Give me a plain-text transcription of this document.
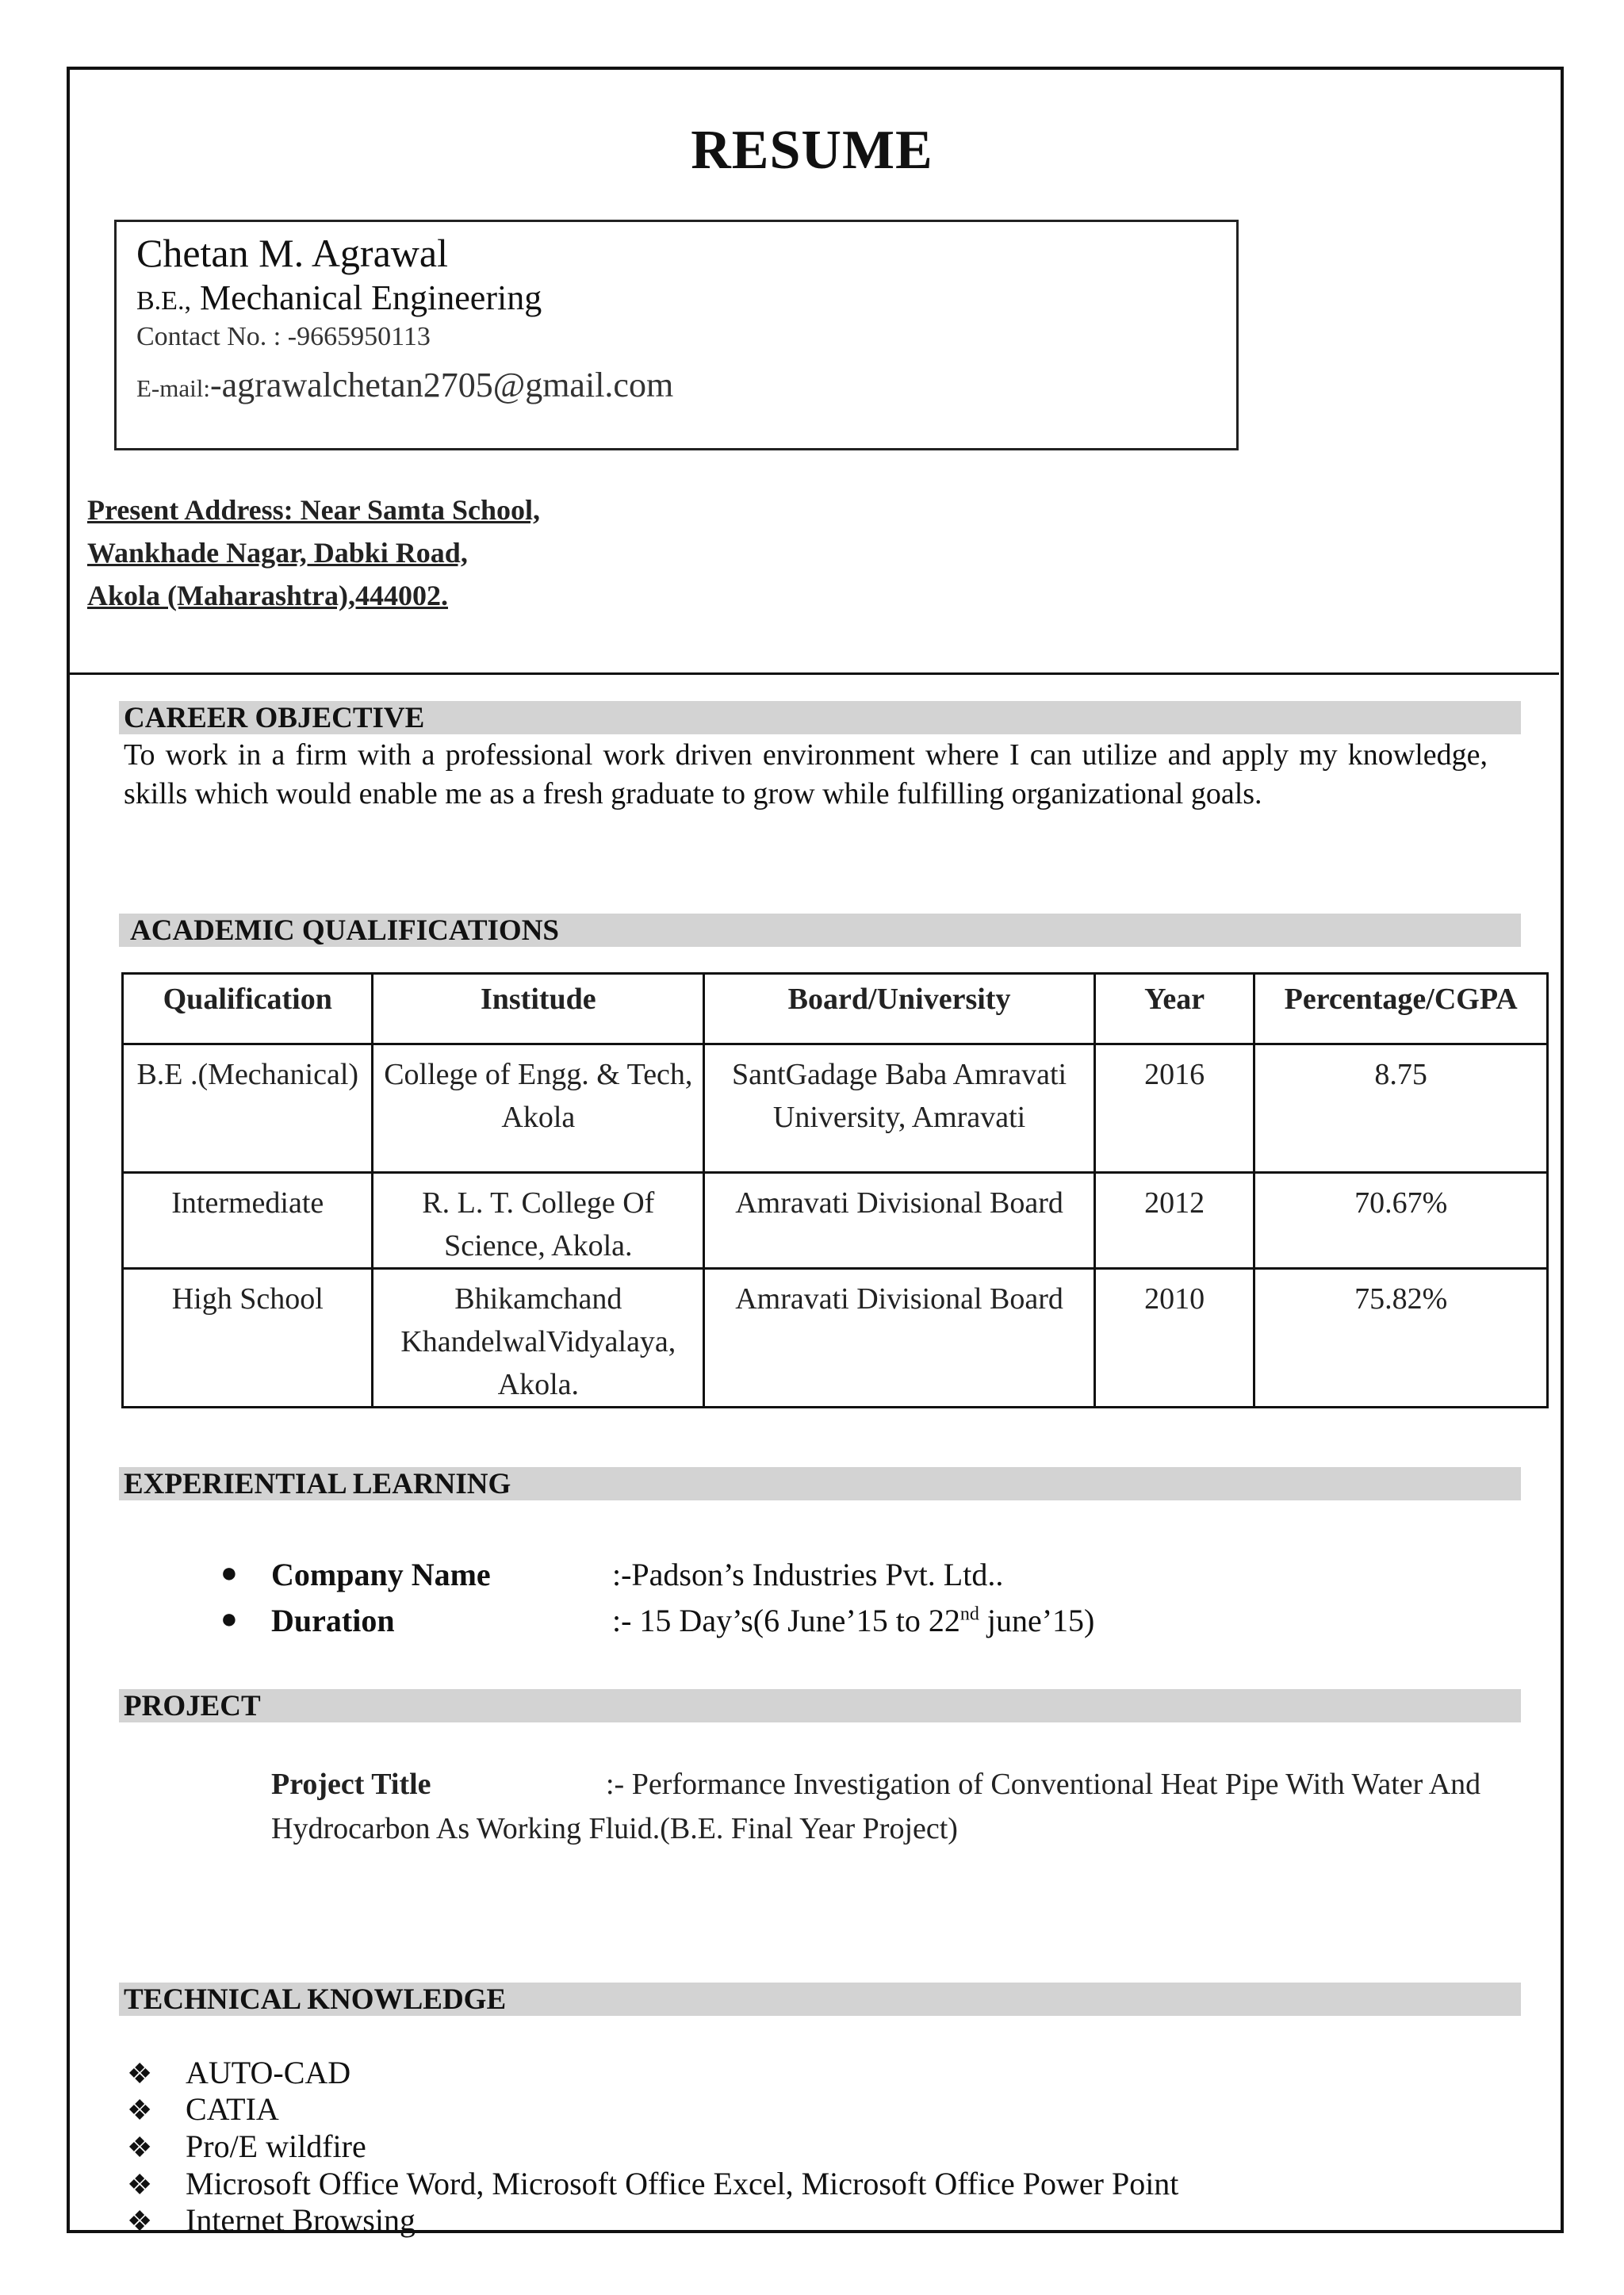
RESUME
Chetan M. Agrawal
B.E., Mechanical Engineering
Contact No. : -9665950113
E-mail:-agrawalchetan2705@gmail.com
Present Address: Near Samta School,
Wankhade Nagar, Dabki Road,
Akola (Maharashtra),444002.
CAREER OBJECTIVE
To work in a firm with a professional work driven environment where I can utilize and apply my knowledge, skills which would enable me as a fresh graduate to grow while fulfilling organizational goals.
ACADEMIC QUALIFICATIONS
Qualification	Institude	Board/University	Year	Percentage/CGPA
B.E .(Mechanical)	College of Engg. & Tech, Akola	SantGadage Baba Amravati University, Amravati	2016	8.75
Intermediate	R. L. T. College Of Science, Akola.	Amravati Divisional Board	2012	70.67%
High School	Bhikamchand KhandelwalVidyalaya, Akola.	Amravati Divisional Board	2010	75.82%
EXPERIENTIAL LEARNING
● Company Name	:-Padson’s Industries Pvt. Ltd..
● Duration	:- 15 Day’s(6 June’15 to 22nd june’15)
PROJECT
Project Title	:- Performance Investigation of Conventional Heat Pipe With Water And Hydrocarbon As Working Fluid.(B.E. Final Year Project)
TECHNICAL KNOWLEDGE
❖ AUTO-CAD
❖ CATIA
❖ Pro/E wildfire
❖ Microsoft Office Word, Microsoft Office Excel, Microsoft Office Power Point
❖ Internet Browsing
